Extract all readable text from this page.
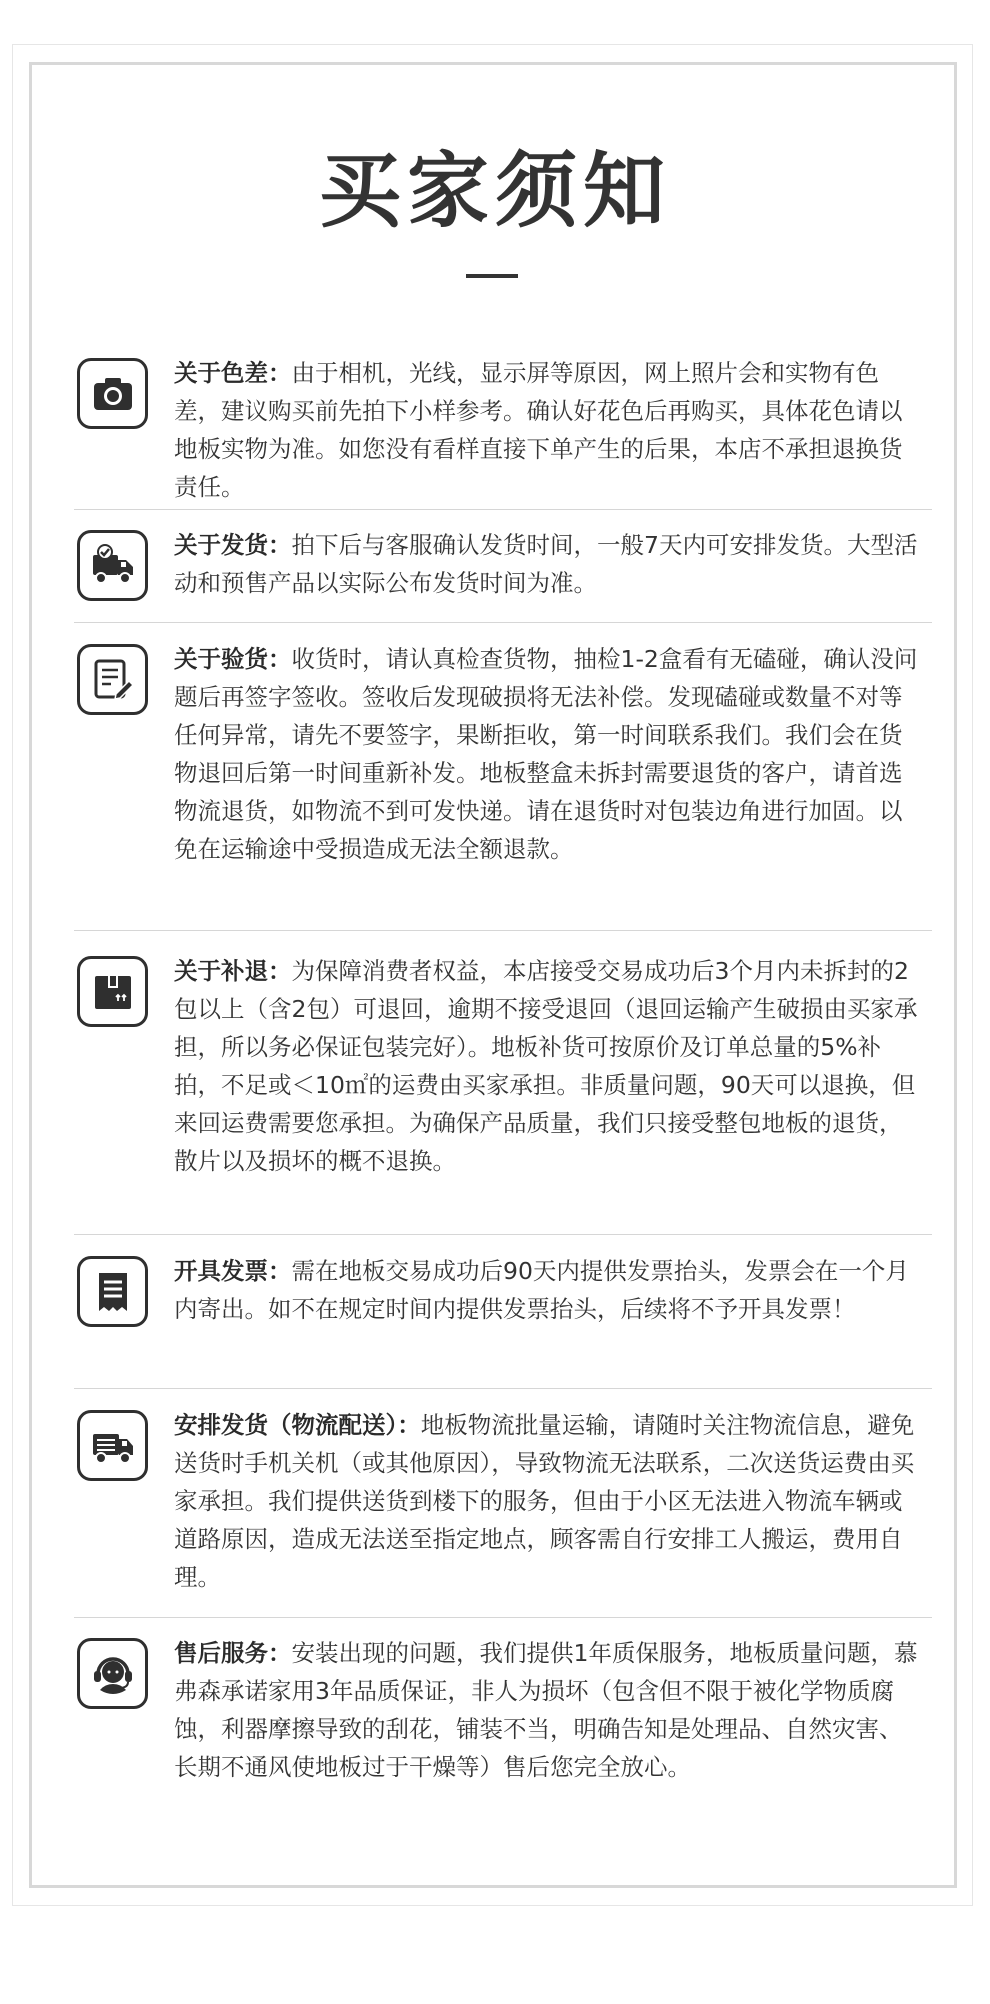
买家须知
关于色差：由于相机，光线，显示屏等原因，网上照片会和实物有色差，建议购买前先拍下小样参考。确认好花色后再购买，具体花色请以地板实物为准。如您没有看样直接下单产生的后果，本店不承担退换货责任。
关于发货：拍下后与客服确认发货时间，一般7天内可安排发货。大型活动和预售产品以实际公布发货时间为准。
关于验货：收货时，请认真检查货物，抽检1-2盒看有无磕碰，确认没问题后再签字签收。签收后发现破损将无法补偿。发现磕碰或数量不对等任何异常，请先不要签字，果断拒收，第一时间联系我们。我们会在货物退回后第一时间重新补发。地板整盒未拆封需要退货的客户，请首选物流退货，如物流不到可发快递。请在退货时对包装边角进行加固。以免在运输途中受损造成无法全额退款。
关于补退：为保障消费者权益，本店接受交易成功后3个月内未拆封的2包以上（含2包）可退回，逾期不接受退回（退回运输产生破损由买家承担，所以务必保证包装完好）。地板补货可按原价及订单总量的5%补拍，不足或＜10㎡的运费由买家承担。非质量问题，90天可以退换，但来回运费需要您承担。为确保产品质量，我们只接受整包地板的退货，散片以及损坏的概不退换。
开具发票：需在地板交易成功后90天内提供发票抬头，发票会在一个月内寄出。如不在规定时间内提供发票抬头，后续将不予开具发票！
安排发货（物流配送）：地板物流批量运输，请随时关注物流信息，避免送货时手机关机（或其他原因），导致物流无法联系，二次送货运费由买家承担。我们提供送货到楼下的服务，但由于小区无法进入物流车辆或道路原因，造成无法送至指定地点，顾客需自行安排工人搬运，费用自理。
售后服务：安装出现的问题，我们提供1年质保服务，地板质量问题，慕弗森承诺家用3年品质保证，非人为损坏（包含但不限于被化学物质腐蚀，利器摩擦导致的刮花，铺装不当，明确告知是处理品、自然灾害、长期不通风使地板过于干燥等）售后您完全放心。
